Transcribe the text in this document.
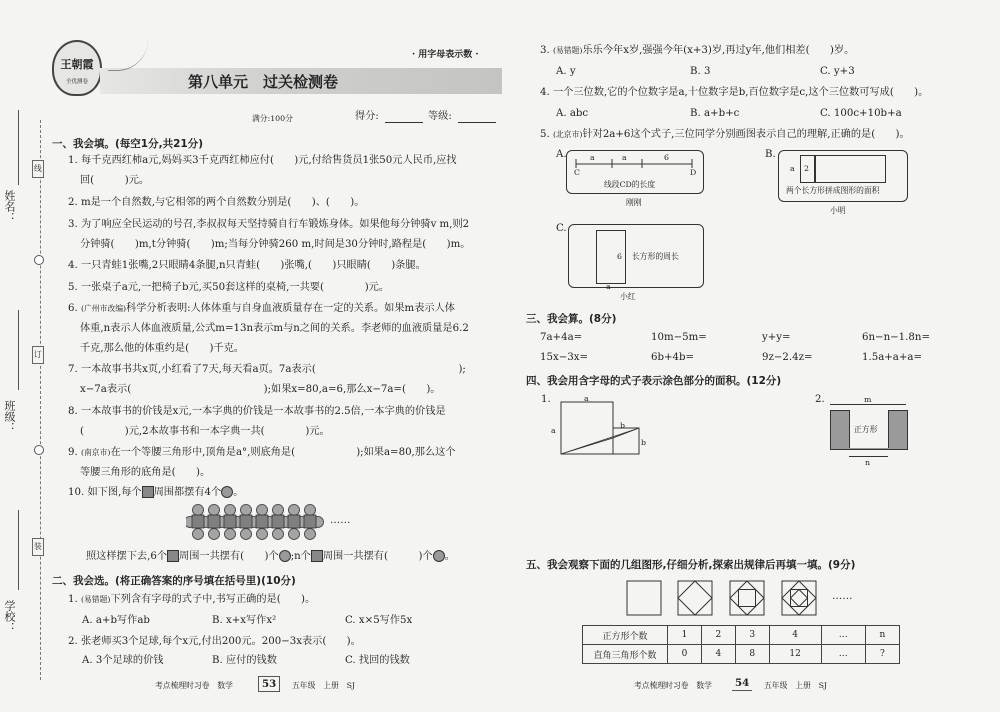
姓名：
班级：
学校：
线
订
装
王朝霞
全优测卷
· 用字母表示数 ·
第八单元　过关检测卷
满分:100分	得分:	等级:
一、我会填。(每空1分,共21分)
1. 每千克西红柿a元,妈妈买3千克西红柿应付(　　)元,付给售货员1张50元人民币,应找
回(　　　)元。
2. m是一个自然数,与它相邻的两个自然数分别是(　　)、(　　)。
3. 为了响应全民运动的号召,李叔叔每天坚持骑自行车锻炼身体。如果他每分钟骑v m,则2
分钟骑(　　)m,t分钟骑(　　)m;当每分钟骑260 m,时间是30分钟时,路程是(　　)m。
4. 一只青蛙1张嘴,2只眼睛4条腿,n只青蛙(　　)张嘴,(　　)只眼睛(　　)条腿。
5. 一张桌子a元,一把椅子b元,买50套这样的桌椅,一共要(　　　　)元。
6. (广州市改编)科学分析表明:人体体重与自身血液质量存在一定的关系。如果m表示人体
体重,n表示人体血液质量,公式m=13n表示m与n之间的关系。李老师的血液质量是6.2
千克,那么他的体重约是(　　)千克。
7. 一本故事书共x页,小红看了7天,每天看a页。7a表示(　　　　　　　　　　　　　　);
x−7a表示(　　　　　　　　　　　　　);如果x=80,a=6,那么x−7a=(　　)。
8. 一本故事书的价钱是x元,一本字典的价钱是一本故事书的2.5倍,一本字典的价钱是
(　　　　)元,2本故事书和一本字典一共(　　　　)元。
9. (南京市)在一个等腰三角形中,顶角是a°,则底角是(　　　　　　);如果a=80,那么这个
等腰三角形的底角是(　　)。
10. 如下图,每个 周围都摆有4个 。
……
照这样摆下去,6个 周围一共摆有(　　)个 ;n个 周围一共摆有(　　　)个 。
二、我会选。(将正确答案的序号填在括号里)(10分)
1. (易错题)下列含有字母的式子中,书写正确的是(　　)。
A. a+b写作ab	B. x+x写作x²	C. x×5写作5x
2. 张老师买3个足球,每个x元,付出200元。200−3x表示(　　)。
A. 3个足球的价钱	B. 应付的钱数	C. 找回的钱数
考点梳理时习卷　数学	53	五年级　上册　SJ
3. (易错题)乐乐今年x岁,强强今年(x+3)岁,再过y年,他们相差(　　)岁。
A. y	B. 3	C. y+3
4. 一个三位数,它的个位数字是a,十位数字是b,百位数字是c,这个三位数可写成(　　)。
A. abc	B. a+b+c	C. 100c+10b+a
5. (北京市)针对2a+6这个式子,三位同学分别画图表示自己的理解,正确的是(　　)。
A.	a	a	6
C	D
线段CD的长度
刚刚
B.
2
a
两个长方形拼成图形的面积
小明
C.
6
a
长方形的周长
小红
三、我会算。(8分)
7a+4a=	10m−5m=	y+y=	6n−n−1.8n=
15x−3x=	6b+4b=	9z−2.4z=	1.5a+a+a=
四、我会用含字母的式子表示涂色部分的面积。(12分)
1.	a
a
b
b
2.	m
正方形
n
五、我会观察下面的几组图形,仔细分析,探索出规律后再填一填。(9分)
……
正方形个数	1	2	3	4	…	n
直角三角形个数	0	4	8	12	…	?
考点梳理时习卷　数学 54	五年级　上册　SJ
